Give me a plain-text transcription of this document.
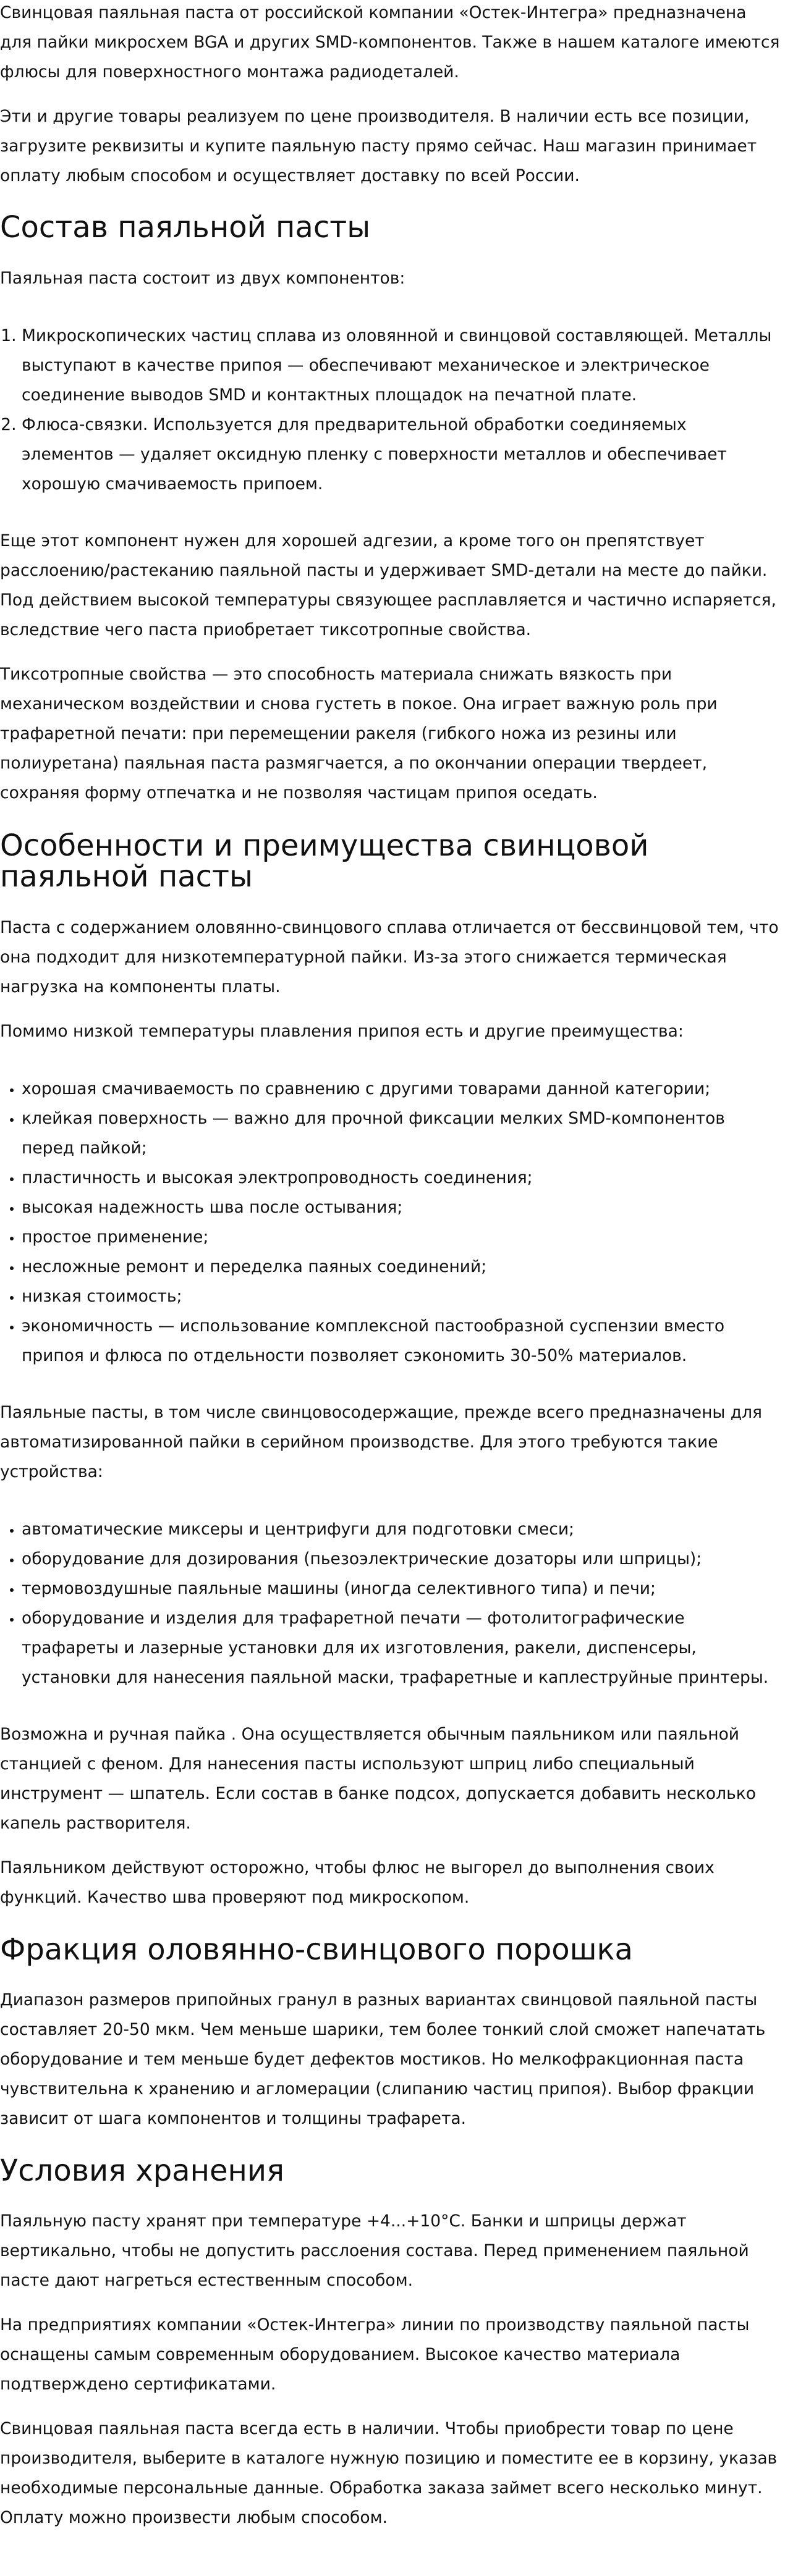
Свинцовая паяльная паста от российской компании «Остек-Интегра» предназначена для пайки микросхем BGA и других SMD-компонентов. Также в нашем каталоге имеются флюсы для поверхностного монтажа радиодеталей.

Эти и другие товары реализуем по цене производителя. В наличии есть все позиции, загрузите реквизиты и купите паяльную пасту прямо сейчас. Наш магазин принимает оплату любым способом и осуществляет доставку по всей России.

Состав паяльной пасты

Паяльная паста состоит из двух компонентов:

1. Микроскопических частиц сплава из оловянной и свинцовой составляющей. Металлы выступают в качестве припоя — обеспечивают механическое и электрическое соединение выводов SMD и контактных площадок на печатной плате.
2. Флюса-связки. Используется для предварительной обработки соединяемых элементов — удаляет оксидную пленку с поверхности металлов и обеспечивает хорошую смачиваемость припоем.

Еще этот компонент нужен для хорошей адгезии, а кроме того он препятствует расслоению/растеканию паяльной пасты и удерживает SMD-детали на месте до пайки. Под действием высокой температуры связующее расплавляется и частично испаряется, вследствие чего паста приобретает тиксотропные свойства.

Тиксотропные свойства — это способность материала снижать вязкость при механическом воздействии и снова густеть в покое. Она играет важную роль при трафаретной печати: при перемещении ракеля (гибкого ножа из резины или полиуретана) паяльная паста размягчается, а по окончании операции твердеет, сохраняя форму отпечатка и не позволяя частицам припоя оседать.

Особенности и преимущества свинцовой паяльной пасты

Паста с содержанием оловянно-свинцового сплава отличается от бессвинцовой тем, что она подходит для низкотемпературной пайки. Из-за этого снижается термическая нагрузка на компоненты платы.

Помимо низкой температуры плавления припоя есть и другие преимущества:

• хорошая смачиваемость по сравнению с другими товарами данной категории;
• клейкая поверхность — важно для прочной фиксации мелких SMD-компонентов перед пайкой;
• пластичность и высокая электропроводность соединения;
• высокая надежность шва после остывания;
• простое применение;
• несложные ремонт и переделка паяных соединений;
• низкая стоимость;
• экономичность — использование комплексной пастообразной суспензии вместо припоя и флюса по отдельности позволяет сэкономить 30-50% материалов.

Паяльные пасты, в том числе свинцовосодержащие, прежде всего предназначены для автоматизированной пайки в серийном производстве. Для этого требуются такие устройства:

• автоматические миксеры и центрифуги для подготовки смеси;
• оборудование для дозирования (пьезоэлектрические дозаторы или шприцы);
• термовоздушные паяльные машины (иногда селективного типа) и печи;
• оборудование и изделия для трафаретной печати — фотолитографические трафареты и лазерные установки для их изготовления, ракели, диспенсеры, установки для нанесения паяльной маски, трафаретные и каплеструйные принтеры.

Возможна и ручная пайка . Она осуществляется обычным паяльником или паяльной станцией с феном. Для нанесения пасты используют шприц либо специальный инструмент — шпатель. Если состав в банке подсох, допускается добавить несколько капель растворителя.

Паяльником действуют осторожно, чтобы флюс не выгорел до выполнения своих функций. Качество шва проверяют под микроскопом.

Фракция оловянно-свинцового порошка

Диапазон размеров припойных гранул в разных вариантах свинцовой паяльной пасты составляет 20-50 мкм. Чем меньше шарики, тем более тонкий слой сможет напечатать оборудование и тем меньше будет дефектов мостиков. Но мелкофракционная паста чувствительна к хранению и агломерации (слипанию частиц припоя). Выбор фракции зависит от шага компонентов и толщины трафарета.

Условия хранения

Паяльную пасту хранят при температуре +4...+10°C. Банки и шприцы держат вертикально, чтобы не допустить расслоения состава. Перед применением паяльной пасте дают нагреться естественным способом.

На предприятиях компании «Остек-Интегра» линии по производству паяльной пасты оснащены самым современным оборудованием. Высокое качество материала подтверждено сертификатами.

Свинцовая паяльная паста всегда есть в наличии. Чтобы приобрести товар по цене производителя, выберите в каталоге нужную позицию и поместите ее в корзину, указав необходимые персональные данные. Обработка заказа займет всего несколько минут. Оплату можно произвести любым способом.
